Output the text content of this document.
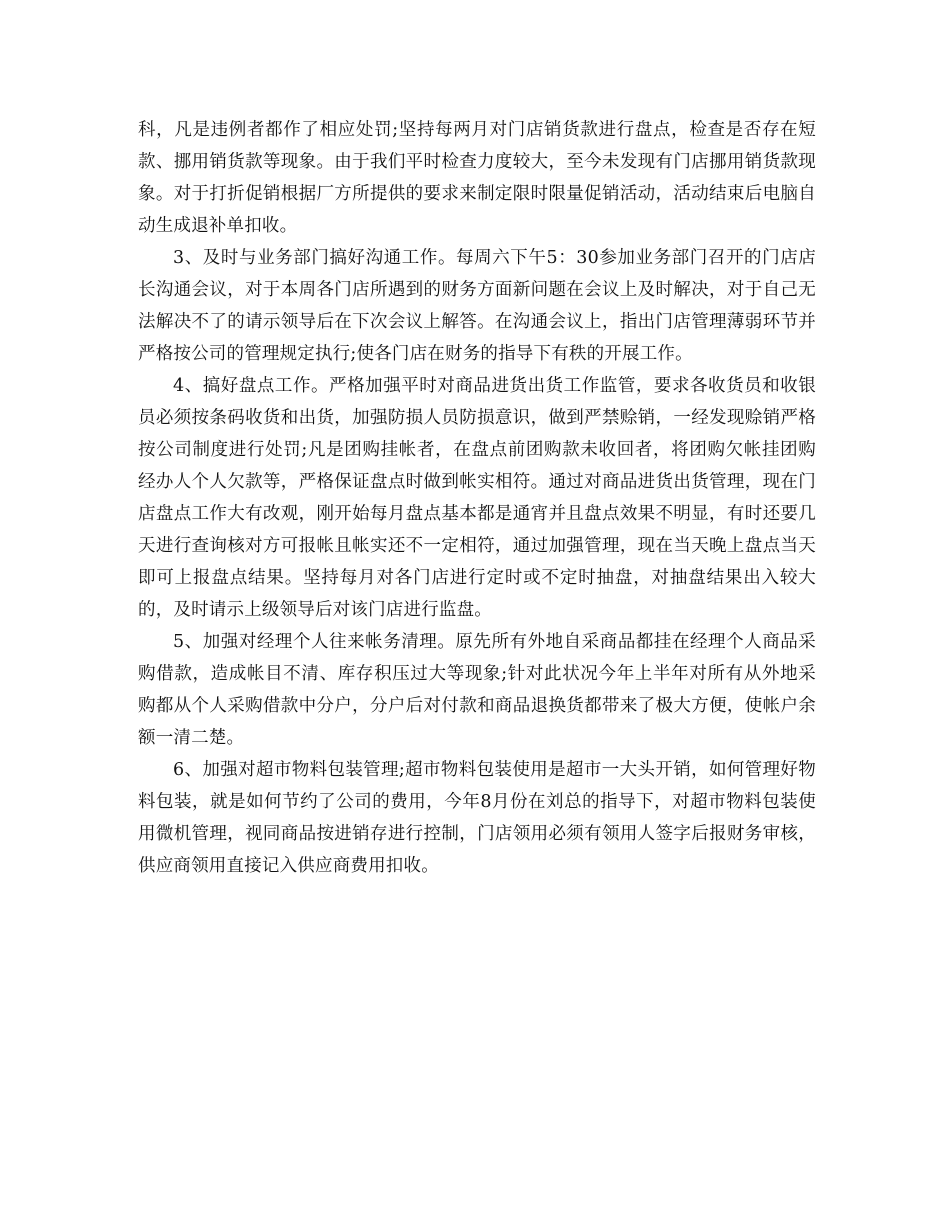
科，凡是违例者都作了相应处罚;坚持每两月对门店销货款进行盘点，检查是否存在短款、挪用销货款等现象。由于我们平时检查力度较大，至今未发现有门店挪用销货款现象。对于打折促销根据厂方所提供的要求来制定限时限量促销活动，活动结束后电脑自动生成退补单扣收。

3、及时与业务部门搞好沟通工作。每周六下午5：30参加业务部门召开的门店店长沟通会议，对于本周各门店所遇到的财务方面新问题在会议上及时解决，对于自己无法解决不了的请示领导后在下次会议上解答。在沟通会议上，指出门店管理薄弱环节并严格按公司的管理规定执行;使各门店在财务的指导下有秩的开展工作。

4、搞好盘点工作。严格加强平时对商品进货出货工作监管，要求各收货员和收银员必须按条码收货和出货，加强防损人员防损意识，做到严禁赊销，一经发现赊销严格按公司制度进行处罚;凡是团购挂帐者，在盘点前团购款未收回者，将团购欠帐挂团购经办人个人欠款等，严格保证盘点时做到帐实相符。通过对商品进货出货管理，现在门店盘点工作大有改观，刚开始每月盘点基本都是通宵并且盘点效果不明显，有时还要几天进行查询核对方可报帐且帐实还不一定相符，通过加强管理，现在当天晚上盘点当天即可上报盘点结果。坚持每月对各门店进行定时或不定时抽盘，对抽盘结果出入较大的，及时请示上级领导后对该门店进行监盘。

5、加强对经理个人往来帐务清理。原先所有外地自采商品都挂在经理个人商品采购借款，造成帐目不清、库存积压过大等现象;针对此状况今年上半年对所有从外地采购都从个人采购借款中分户，分户后对付款和商品退换货都带来了极大方便，使帐户余额一清二楚。

6、加强对超市物料包装管理;超市物料包装使用是超市一大头开销，如何管理好物料包装，就是如何节约了公司的费用，今年8月份在刘总的指导下，对超市物料包装使用微机管理，视同商品按进销存进行控制，门店领用必须有领用人签字后报财务审核，供应商领用直接记入供应商费用扣收。
